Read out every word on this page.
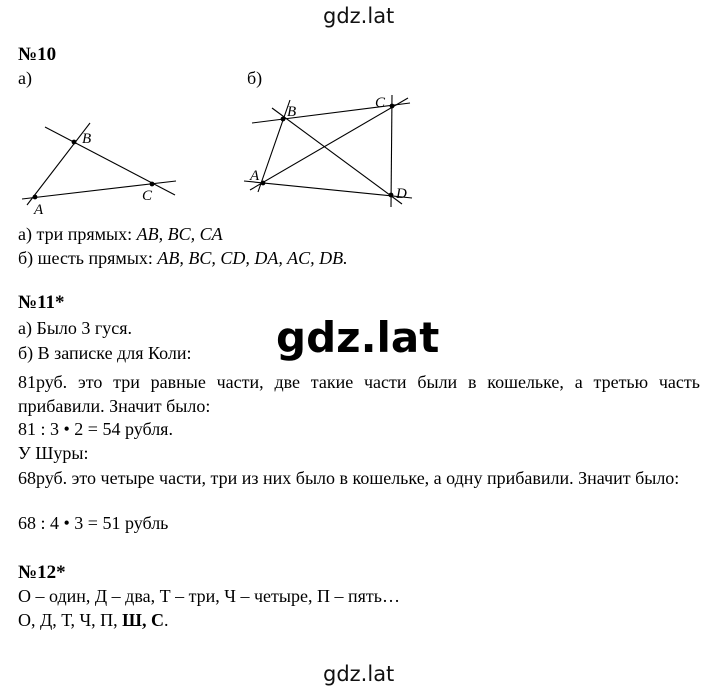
gdz.lat
№10
а)	б)
B
C
A
B
C
A
D
а) три прямых: AB, BC, CA
б) шесть прямых: AB, BC, CD, DA, AC, DB.
№11*
а) Было 3 гуся.
б) В записке для Коли: gdz.lat
81руб. это три равные части, две такие части были в кошельке, а третью часть прибавили. Значит было:
81 : 3 • 2 = 54 рубля.
У Шуры:
68руб. это четыре части, три из них было в кошельке, а одну прибавили. Значит было:
68 : 4 • 3 = 51 рубль
№12*
О – один, Д – два, Т – три, Ч – четыре, П – пять…
О, Д, Т, Ч, П, Ш, С.
gdz.lat
